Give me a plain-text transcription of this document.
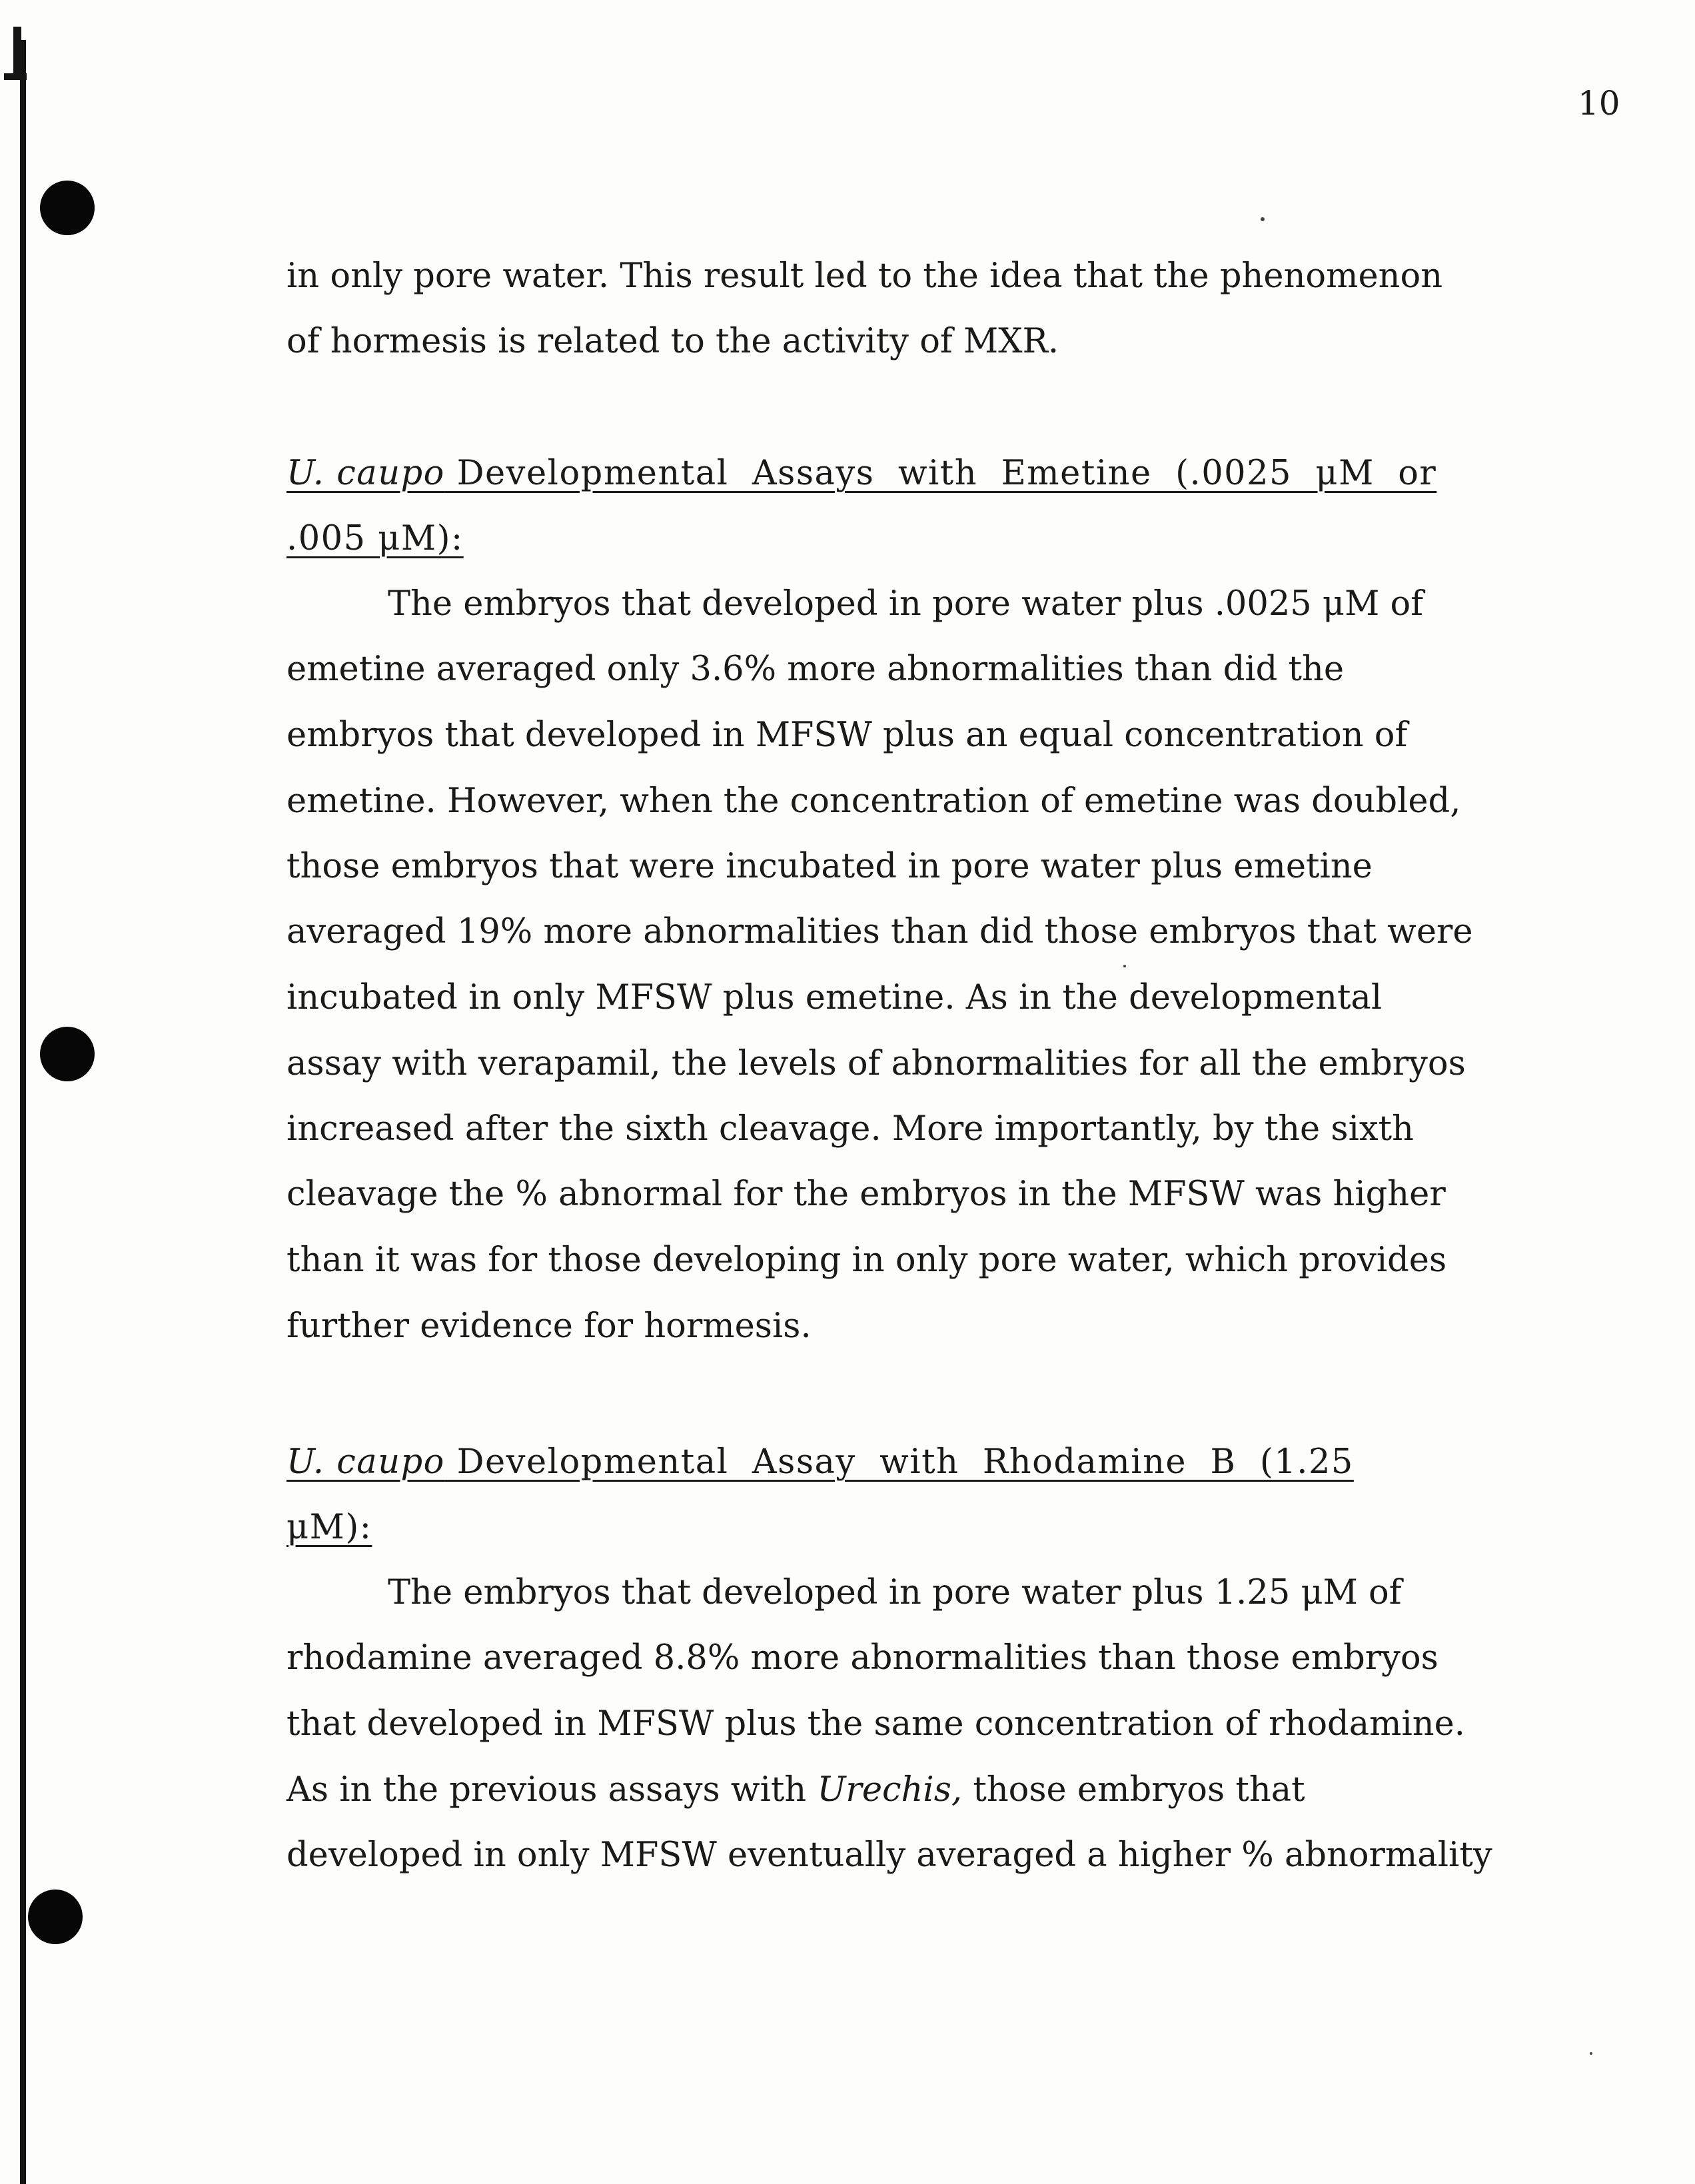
10

in only pore water. This result led to the idea that the phenomenon

of hormesis is related to the activity of MXR.

U. caupo Developmental  Assays  with  Emetine  (.0025  μM  or

.005 μM):

The embryos that developed in pore water plus .0025 μM of

emetine averaged only 3.6% more abnormalities than did the

embryos that developed in MFSW plus an equal concentration of

emetine. However, when the concentration of emetine was doubled,

those embryos that were incubated in pore water plus emetine

averaged 19% more abnormalities than did those embryos that were

incubated in only MFSW plus emetine. As in the developmental

assay with verapamil, the levels of abnormalities for all the embryos

increased after the sixth cleavage. More importantly, by the sixth

cleavage the % abnormal for the embryos in the MFSW was higher

than it was for those developing in only pore water, which provides

further evidence for hormesis.

U. caupo Developmental  Assay  with  Rhodamine  B  (1.25

μM):

The embryos that developed in pore water plus 1.25 μM of

rhodamine averaged 8.8% more abnormalities than those embryos

that developed in MFSW plus the same concentration of rhodamine.

As in the previous assays with Urechis, those embryos that

developed in only MFSW eventually averaged a higher % abnormality
